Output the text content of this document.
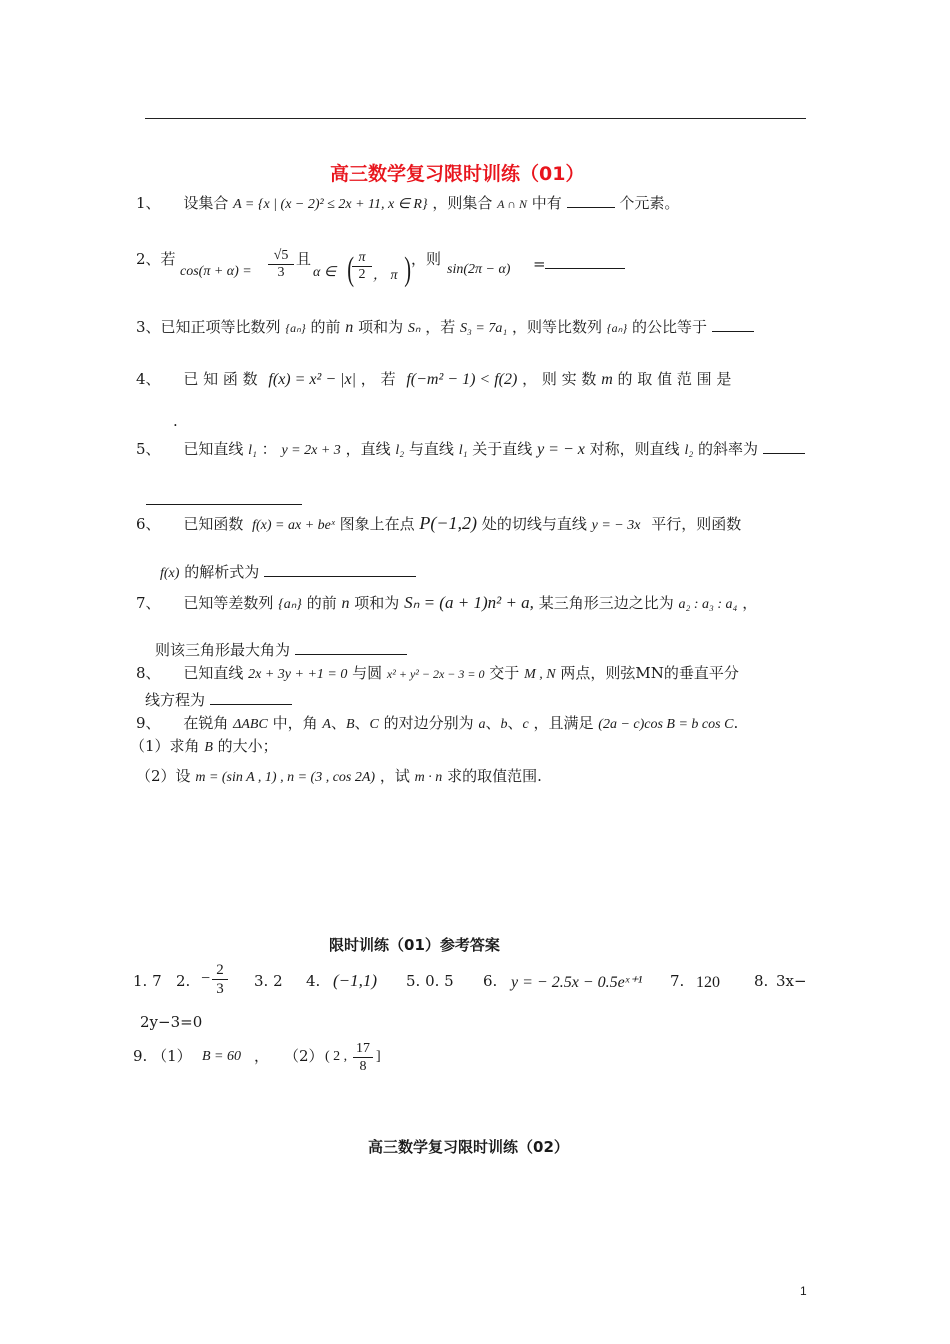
高三数学复习限时训练（01）
1、 设集合 A = {x | (x − 2)² ≤ 2x + 11, x ∈ R} ，则集合 A ∩ N 中有	个元素。
2、若
$\cos(\pi + \alpha) = \frac{√5}{3}$ 且
α ∈ (
$\frac{\pi}{2}$ ， π ) ，则
sin(2π − α) =
3、已知正项等比数列 {aₙ} 的前 n 项和为 Sₙ ，若 S₃ = 7a₁ ，则等比数列 {aₙ} 的公比等于
4、 已 知 函 数 f(x) = x² − |x| ， 若 f(−m² − 1) < f(2) ， 则 实 数 m 的 取 值 范 围 是
.
5、 已知直线 l₁ ： y = 2x + 3 ，直线 l₂ 与直线 l₁ 关于直线 y = − x 对称，则直线 l₂ 的斜率为
6、 已知函数 f(x) = ax + beˣ 图象上在点 P(−1,2) 处的切线与直线 y = − 3x 平行，则函数
f(x) 的解析式为
7、 已知等差数列 {aₙ} 的前 n 项和为 Sₙ = (a + 1)n² + a, 某三角形三边之比为 a₂ : a₃ : a₄ ，
则该三角形最大角为
8、 已知直线 2x + 3y + +1 = 0 与圆 x² + y² − 2x − 3 = 0 交于 M , N 两点，则弦MN的垂直平分
线方程为
9、 在锐角 ΔABC 中，角 A、B、C 的对边分别为 a、b、c ，且满足 (2a − c)cos B = b cos C.
（1）求角 B 的大小；
（2）设 m = (sin A , 1) , n = (3 , cos 2A) ，试 m · n 求的取值范围.
限时训练（01）参考答案
1. 7 2. − $\frac{2}{3} 3$. 2 4. (−1,1) 5. 0. 5 6. y = − 2.5x − 0.5eˣ⁺¹ 7. 120 8. 3x−
2y−3=0
9. （1） B = 60 ， （2） ( 2 , $\frac{17}{8}$ ]
高三数学复习限时训练（02）
1
